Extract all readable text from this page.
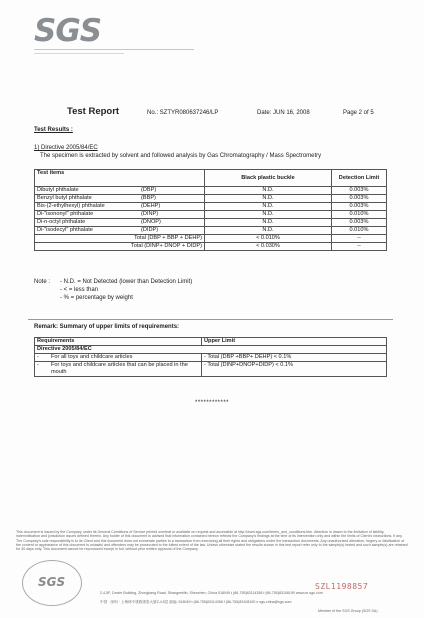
SGS
Test Report	No.: SZTYR080637246/LP	Date: JUN 16, 2008	Page 2 of 5
Test Results :
1) Directive 2005/84/EC
The specimen is extracted by solvent and followed analysis by Gas Chromatography / Mass Spectrometry
Test items		Black plastic buckle	Detection Limit
Dibutyl phthalate	(DBP)	N.D.	0.003%
Benzyl butyl phthalate	(BBP)	N.D.	0.003%
Bis-(2-ethylhexyl) phthalate	(DEHP)	N.D.	0.003%
Di-"isononyl" phthalate	(DINP)	N.D.	0.010%
Di-n-octyl phthalate	(DNOP)	N.D.	0.003%
Di-"isodecyl" phthalate	(DIDP)	N.D.	0.010%
Total (DBP + BBP + DEHP)		< 0.010%	--
Total (DINP+ DNOP + DIDP)		< 0.030%	--
Note : - N.D. = Not Detected (lower than Detection Limit)
- < = less than
- % = percentage by weight
Remark: Summary of upper limits of requirements:
Requirements	Upper Limit
Directive 2005/84/EC	
- For all toys and childcare articles	- Total (DBP +BBP+ DEHP) < 0.1%

- For toys and childcare articles that can be placed in the mouth	- Total (DINP+DNOP+DIDP) < 0.1%
************
This document is issued by the Company under its General Conditions of Service printed overleaf or available on request and accessible at http://www.sgs.com/terms_and_conditions.htm. Attention is drawn to the limitation of liability, indemnification and jurisdiction issues defined therein. Any holder of this document is advised that information contained hereon reflects the Company's findings at the time of its intervention only and within the limits of Client's instructions, if any. The Company's sole responsibility is to its Client and this document does not exonerate parties to a transaction from exercising all their rights and obligations under the transaction documents. Any unauthorized alteration, forgery or falsification of the content or appearance of this document is unlawful and offenders may be prosecuted to the fullest extent of the law. Unless otherwise stated the results shown in this test report refer only to the sample(s) tested and such sample(s) are retained for 30 days only. This document cannot be reproduced except in full, without prior written approval of the Company.
SGS
2,4,5F, Cester Building, Zhongkang Road, Shangmeilin, Shenzhen, China 518049 t (86-755)83114358 f (86-755)83108190 www.cn.sgs.com
中国 · 深圳 · 上梅林中康路康泰大厦2,4,5层 邮编: 518049 t (86-755)83114358 f (86-755)83108190 e sgs.china@sgs.com
SZL1198857
Member of the SGS Group (SGS SA)
